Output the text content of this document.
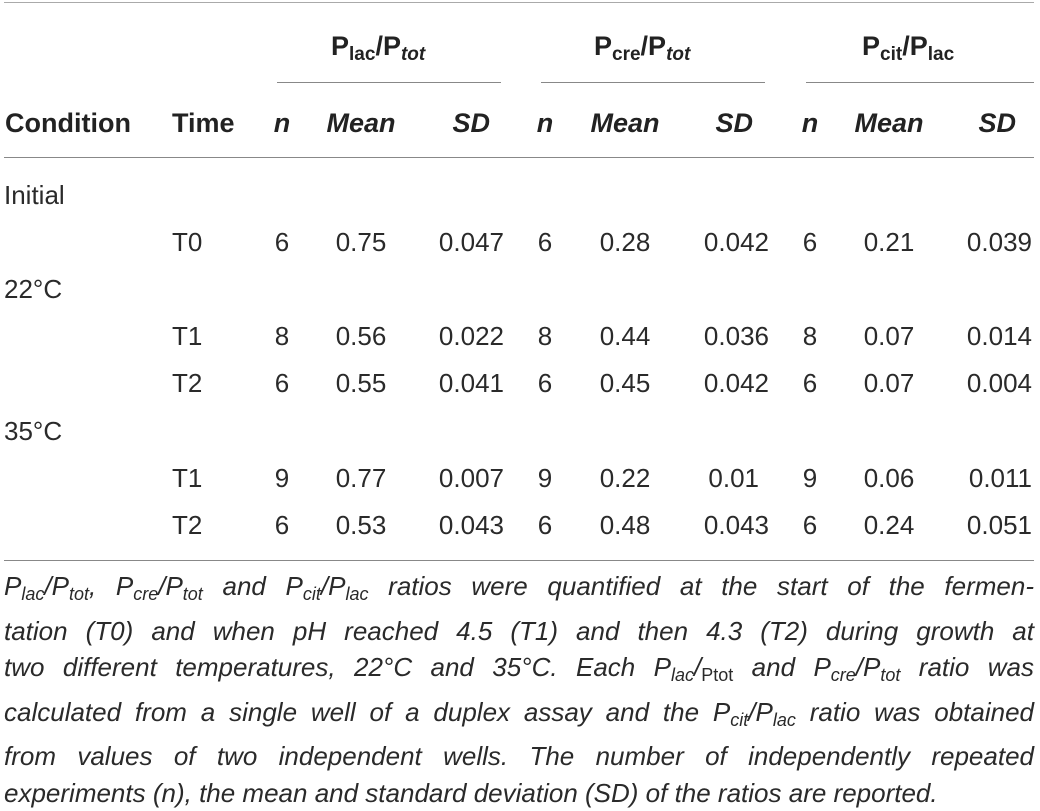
$P_{lac}/P_{tot}$	$P_{cre}/P_{tot}$	$P_{cit}/P_{lac}$
Condition Time	n	Mean	SD	n	Mean	SD	n	Mean	SD
Initial
T0	6	0.75	0.047	6	0.28	0.042	6	0.21	0.039
22°C
T1	8	0.56	0.022	8	0.44	0.036	8	0.07	0.014
T2	6	0.55	0.041	6	0.45	0.042	6	0.07	0.004
35°C
T1	9	0.77	0.007	9	0.22	0.01	9	0.06	0.011
T2	6	0.53	0.043	6	0.48	0.043	6	0.24	0.051
Plac/Ptot, Pcre/Ptot and Pcit/Plac ratios were quantified at the start of the fermen-
tation (T0) and when pH reached 4.5 (T1) and then 4.3 (T2) during growth at
two different temperatures, 22°C and 35°C. Each Plac/Ptot and Pcre/Ptot ratio was
calculated from a single well of a duplex assay and the Pcit/Plac ratio was obtained
from values of two independent wells. The number of independently repeated
experiments (n), the mean and standard deviation (SD) of the ratios are reported.
